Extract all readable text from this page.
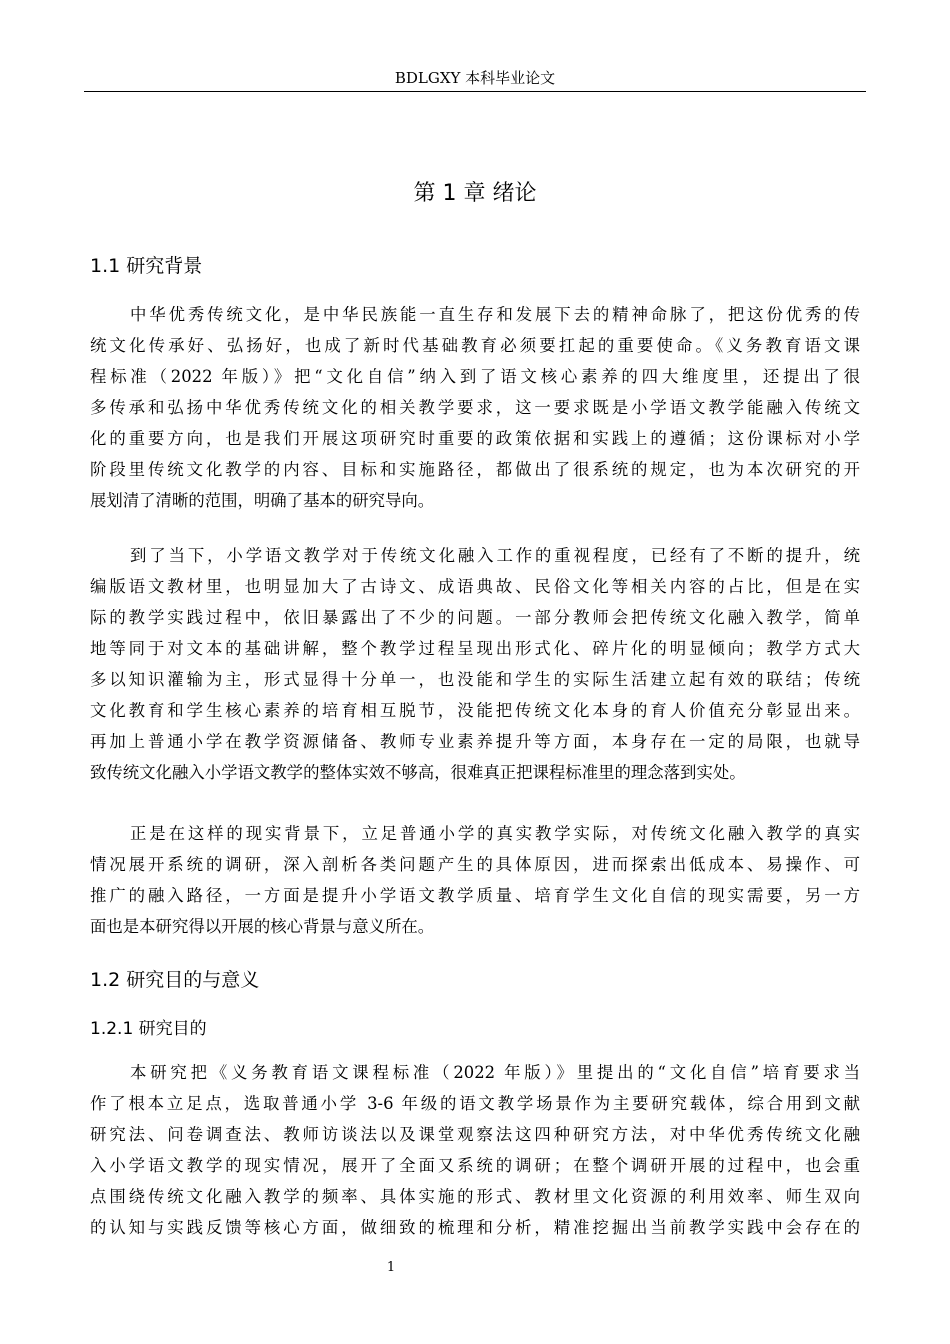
BDLGXY 本科毕业论文
第 1 章 绪论
1.1 研究背景
中华优秀传统文化，是中华民族能一直生存和发展下去的精神命脉了，把这份优秀的传
统文化传承好、弘扬好，也成了新时代基础教育必须要扛起的重要使命。《义务教育语文课
程标准（2022 年版）》把“文化自信”纳入到了语文核心素养的四大维度里，还提出了很
多传承和弘扬中华优秀传统文化的相关教学要求，这一要求既是小学语文教学能融入传统文
化的重要方向，也是我们开展这项研究时重要的政策依据和实践上的遵循；这份课标对小学
阶段里传统文化教学的内容、目标和实施路径，都做出了很系统的规定，也为本次研究的开
展划清了清晰的范围，明确了基本的研究导向。
到了当下，小学语文教学对于传统文化融入工作的重视程度，已经有了不断的提升，统
编版语文教材里，也明显加大了古诗文、成语典故、民俗文化等相关内容的占比，但是在实
际的教学实践过程中，依旧暴露出了不少的问题。一部分教师会把传统文化融入教学，简单
地等同于对文本的基础讲解，整个教学过程呈现出形式化、碎片化的明显倾向；教学方式大
多以知识灌输为主，形式显得十分单一，也没能和学生的实际生活建立起有效的联结；传统
文化教育和学生核心素养的培育相互脱节，没能把传统文化本身的育人价值充分彰显出来。
再加上普通小学在教学资源储备、教师专业素养提升等方面，本身存在一定的局限，也就导
致传统文化融入小学语文教学的整体实效不够高，很难真正把课程标准里的理念落到实处。
正是在这样的现实背景下，立足普通小学的真实教学实际，对传统文化融入教学的真实
情况展开系统的调研，深入剖析各类问题产生的具体原因，进而探索出低成本、易操作、可
推广的融入路径，一方面是提升小学语文教学质量、培育学生文化自信的现实需要，另一方
面也是本研究得以开展的核心背景与意义所在。
1.2 研究目的与意义
1.2.1 研究目的
本研究把《义务教育语文课程标准（2022 年版）》里提出的“文化自信”培育要求当
作了根本立足点，选取普通小学 3-6 年级的语文教学场景作为主要研究载体，综合用到文献
研究法、问卷调查法、教师访谈法以及课堂观察法这四种研究方法，对中华优秀传统文化融
入小学语文教学的现实情况，展开了全面又系统的调研；在整个调研开展的过程中，也会重
点围绕传统文化融入教学的频率、具体实施的形式、教材里文化资源的利用效率、师生双向
的认知与实践反馈等核心方面，做细致的梳理和分析，精准挖掘出当前教学实践中会存在的
1
